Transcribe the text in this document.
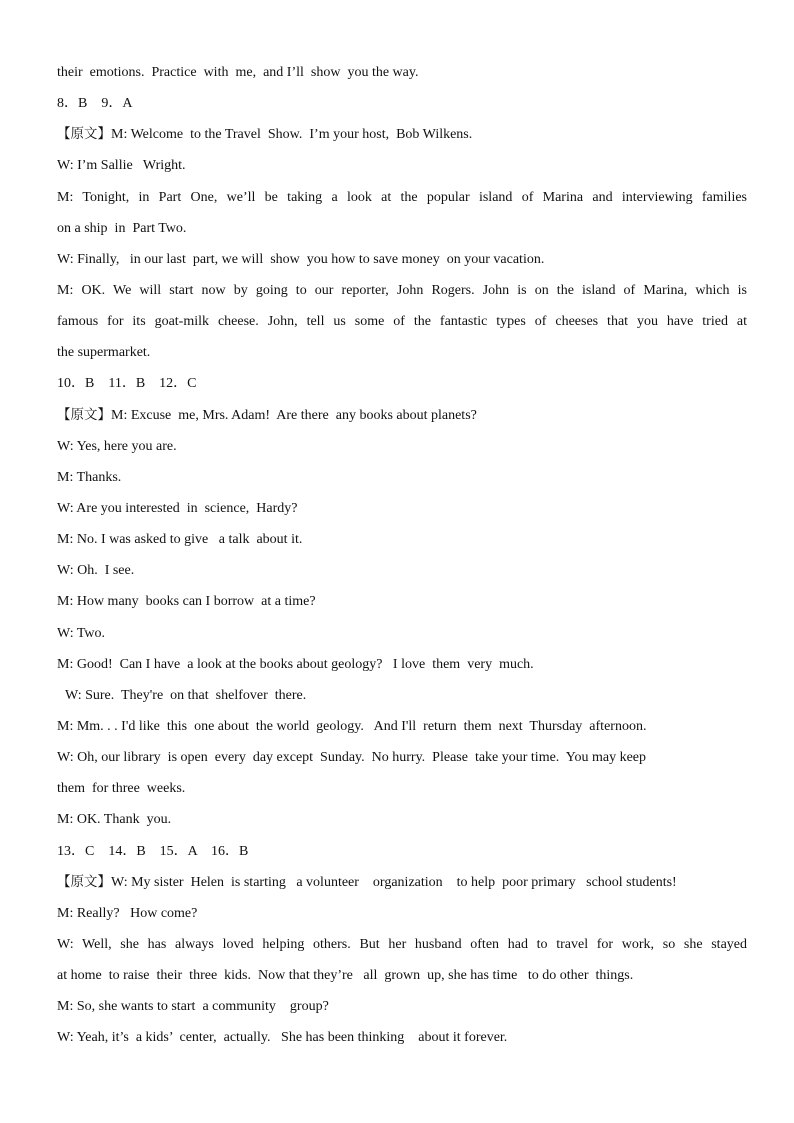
their  emotions.  Practice  with  me,  and I’ll  show  you the way.
8．B    9．A
【原文】M: Welcome  to the Travel  Show.  I’m your host,  Bob Wilkens.
W: I’m Sallie   Wright.
M: Tonight, in Part One, we’ll be taking a look at the popular island of Marina and interviewing families
on a ship  in  Part Two.
W: Finally,   in our last  part, we will  show  you how to save money  on your vacation.
M: OK. We will start now by going to our reporter, John Rogers. John is on the island of Marina, which is
famous for its goat-milk cheese. John, tell us some of the fantastic types of cheeses that you have tried at
the supermarket.
10．B    11．B    12．C
【原文】M: Excuse  me, Mrs. Adam!  Are there  any books about planets?
W: Yes, here you are.
M: Thanks.
W: Are you interested  in  science,  Hardy?
M: No. I was asked to give   a talk  about it.
W: Oh.  I see.
M: How many  books can I borrow  at a time?
W: Two.
M: Good!  Can I have  a look at the books about geology?   I love  them  very  much.
W: Sure.  They're  on that  shelfover  there.
M: Mm. . . I'd like  this  one about  the world  geology.   And I'll  return  them  next  Thursday  afternoon.
W: Oh, our library  is open  every  day except  Sunday.  No hurry.  Please  take your time.  You may keep
them  for three  weeks.
M: OK. Thank  you.
13．C    14．B    15．A    16．B
【原文】W: My sister  Helen  is starting   a volunteer    organization    to help  poor primary   school students!
M: Really?   How come?
W: Well, she has always loved helping others. But her husband often had to travel for work, so she stayed
at home  to raise  their  three  kids.  Now that they’re   all  grown  up, she has time   to do other  things.
M: So, she wants to start  a community    group?
W: Yeah, it’s  a kids’  center,  actually.   She has been thinking    about it forever.
